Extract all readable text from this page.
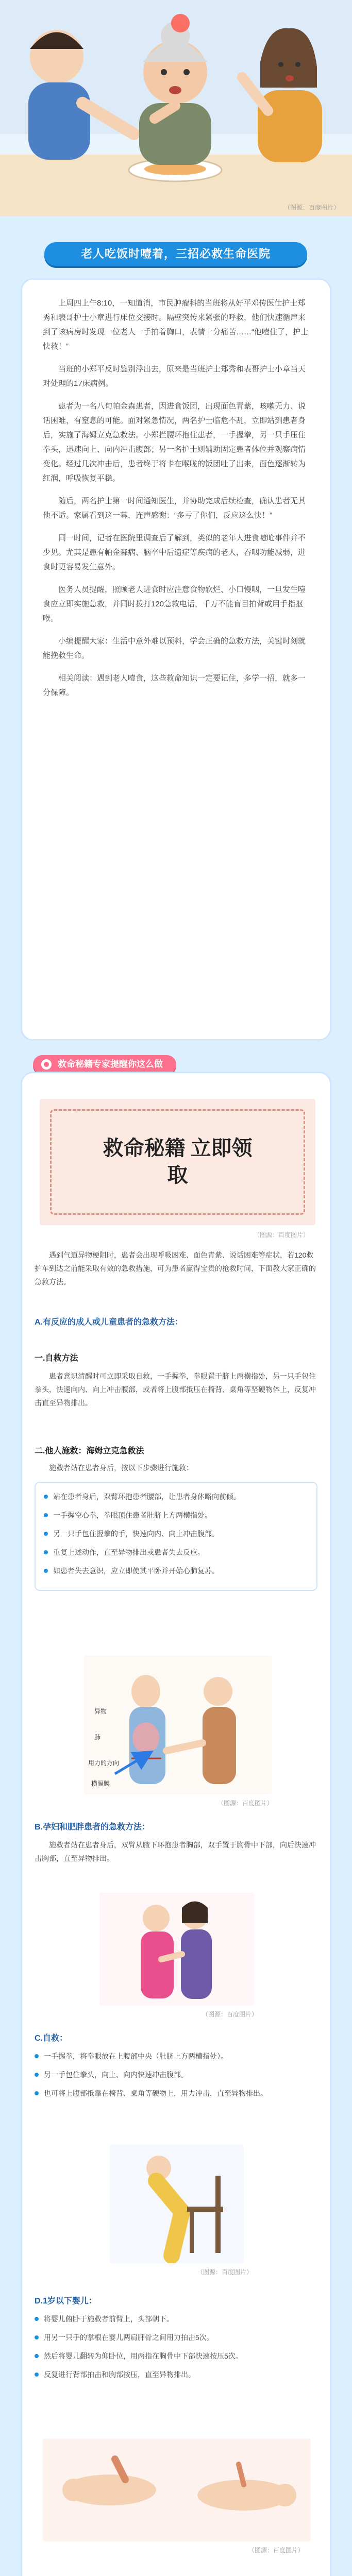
（图源：百度图片）
老人吃饭时噎着，三招必救生命医院

上周四上午8:10，一知道消，市民肿瘤科的当班将从好平邓传医仕护士郑秀和表哥护士小章进行床位交接时。隔壁突传来紧张的呼救，他们快速循声来到了该病房时发现一位老人一手拍着胸口，表情十分痛苦……“他噎住了，护士快救！”

当班的小郑平反时鉴别浮出去，原来是当班护士郑秀和表哥护士小章当天对处理的17床病例。

患者为一名八旬帕金森患者，因进食饭团，出现面色青紫，咳嗽无力、说话困难，有窒息的可能。面对紧急情况，两名护士临危不乱，立即站到患者身后，实施了海姆立克急救法。小郑拦腰环抱住患者，一手握拳，另一只手压住拳头，迅速向上、向内冲击腹部；另一名护士则辅助固定患者体位并观察病情变化。经过几次冲击后，患者终于将卡在喉咙的饭团吐了出来，面色逐渐转为红润，呼吸恢复平稳。

随后，两名护士第一时间通知医生，并协助完成后续检查，确认患者无其他不适。家属看到这一幕，连声感谢：“多亏了你们，反应这么快！”

同一时间，记者在医院里调查后了解到，类似的老年人进食噎呛事件并不少见。尤其是患有帕金森病、脑卒中后遗症等疾病的老人，吞咽功能减弱，进食时更容易发生意外。

医务人员提醒，照顾老人进食时应注意食物软烂、小口慢咽，一旦发生噎食应立即实施急救，并同时拨打120急救电话，千万不能盲目拍背或用手指抠喉。

小编提醒大家：生活中意外难以预料，学会正确的急救方法，关键时刻就能挽救生命。

相关阅读：遇到老人噎食，这些救命知识一定要记住，多学一招，就多一分保障。

救命秘籍专家提醒你这么做
救命秘籍 立即领取
（图源：百度图片）

遇到气道异物梗阻时，患者会出现呼吸困难、面色青紫、说话困难等症状，若120救护车到达之前能采取有效的急救措施，可为患者赢得宝贵的抢救时间，下面教大家正确的急救方法。

A.有反应的成人或儿童患者的急救方法：

一.自救方法

患者意识清醒时可立即采取自救，一手握拳，拳眼置于脐上两横指处，另一只手包住拳头，快速向内、向上冲击腹部，或者将上腹部抵压在椅背、桌角等坚硬物体上，反复冲击直至异物排出。

二.他人施救：海姆立克急救法

施救者站在患者身后，按以下步骤进行施救：

站在患者身后，双臂环抱患者腰部，让患者身体略向前倾。
一手握空心拳，拳眼顶住患者肚脐上方两横指处。
另一只手包住握拳的手，快速向内、向上冲击腹部。
重复上述动作，直至异物排出或患者失去反应。
如患者失去意识，应立即使其平卧并开始心肺复苏。
异物
肺
用力的方向
横膈膜
（图源：百度图片）

B.孕妇和肥胖患者的急救方法：

施救者站在患者身后，双臂从腋下环抱患者胸部，双手置于胸骨中下部，向后快速冲击胸部，直至异物排出。

（图源：百度图片）

C.自救：

一手握拳，将拳眼放在上腹部中央（肚脐上方两横指处）。
另一手包住拳头，向上、向内快速冲击腹部。
也可将上腹部抵靠在椅背、桌角等硬物上，用力冲击，直至异物排出。
（图源：百度图片）

D.1岁以下婴儿：

将婴儿俯卧于施救者前臂上，头部朝下。
用另一只手的掌根在婴儿两肩胛骨之间用力拍击5次。
然后将婴儿翻转为仰卧位，用两指在胸骨中下部快速按压5次。
反复进行背部拍击和胸部按压，直至异物排出。
（图源：百度图片）
